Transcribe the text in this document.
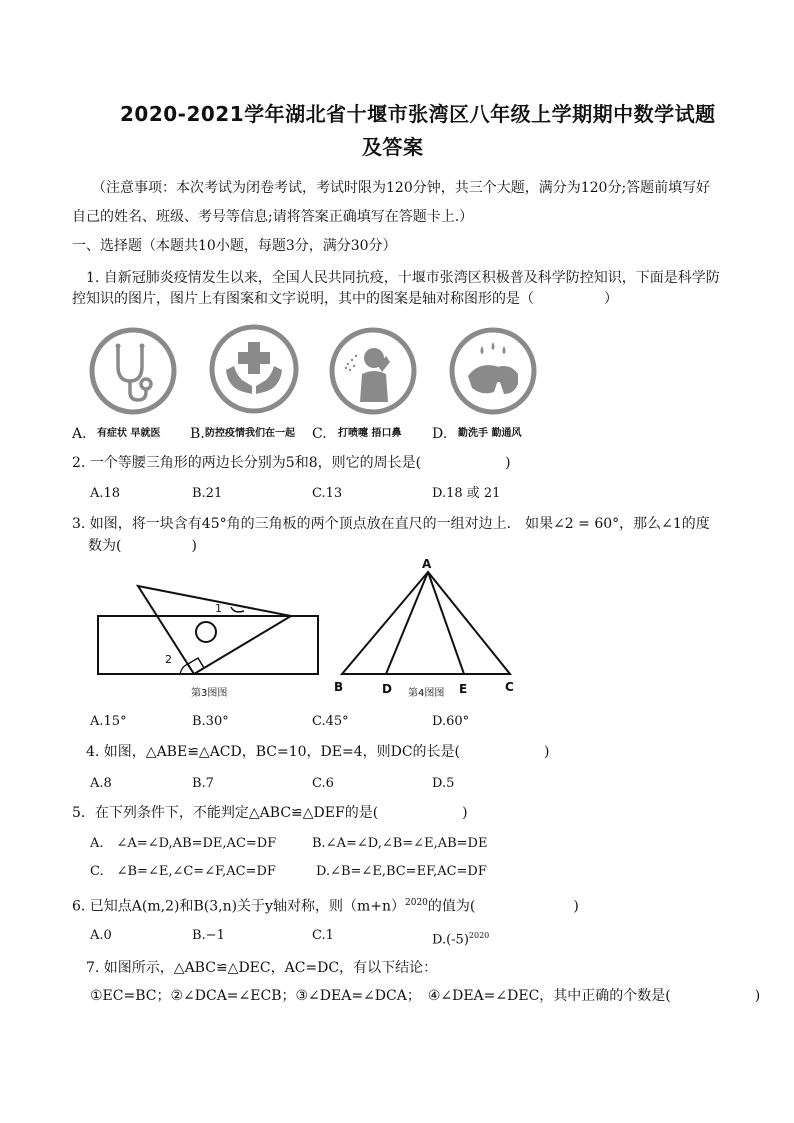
2020-2021学年湖北省十堰市张湾区八年级上学期期中数学试题
及答案
（注意事项：本次考试为闭卷考试，考试时限为120分钟，共三个大题，满分为120分;答题前填写好
自己的姓名、班级、考号等信息;请将答案正确填写在答题卡上.）
一、选择题（本题共10小题，每题3分，满分30分）
1. 自新冠肺炎疫情发生以来，全国人民共同抗疫，十堰市张湾区积极普及科学防控知识，下面是科学防
控知识的图片，图片上有图案和文字说明，其中的图案是轴对称图形的是（　　　　　）
A. 有症状 早就医 B. 防控疫情我们在一起 C. 打喷嚏 捂口鼻 D. 勤洗手 勤通风
2. 一个等腰三角形的两边长分别为5和8，则它的周长是(　　　　　　)
A.18	B.21	C.13	D.18 或 21
3. 如图，将一块含有45°角的三角板的两个顶点放在直尺的一组对边上.　如果∠2 = 60°，那么∠1的度
数为(　　　　　)
1
2
第3图图
A
B	D 第4图图 E	C
A.15°	B.30°	C.45°	D.60°
4. 如图，△ABE≌△ACD，BC=10，DE=4，则DC的长是(　　　　　　)
A.8	B.7	C.6	D.5
5．在下列条件下，不能判定△ABC≌△DEF的是(　　　　　　)
A.　∠A=∠D,AB=DE,AC=DF	B.∠A=∠D,∠B=∠E,AB=DE
C.　∠B=∠E,∠C=∠F,AC=DF	D.∠B=∠E,BC=EF,AC=DF
6. 已知点A(m,2)和B(3,n)关于y轴对称，则$(m+n)^{2020}$的值为(　　　　　　　)
A.0	B.−1	C.1	$D.(-5)^{2020}$
7. 如图所示，△ABC≌△DEC，AC=DC，有以下结论：
①EC=BC；②∠DCA=∠ECB；③∠DEA=∠DCA；　④∠DEA=∠DEC，其中正确的个数是(　　　　　　)
